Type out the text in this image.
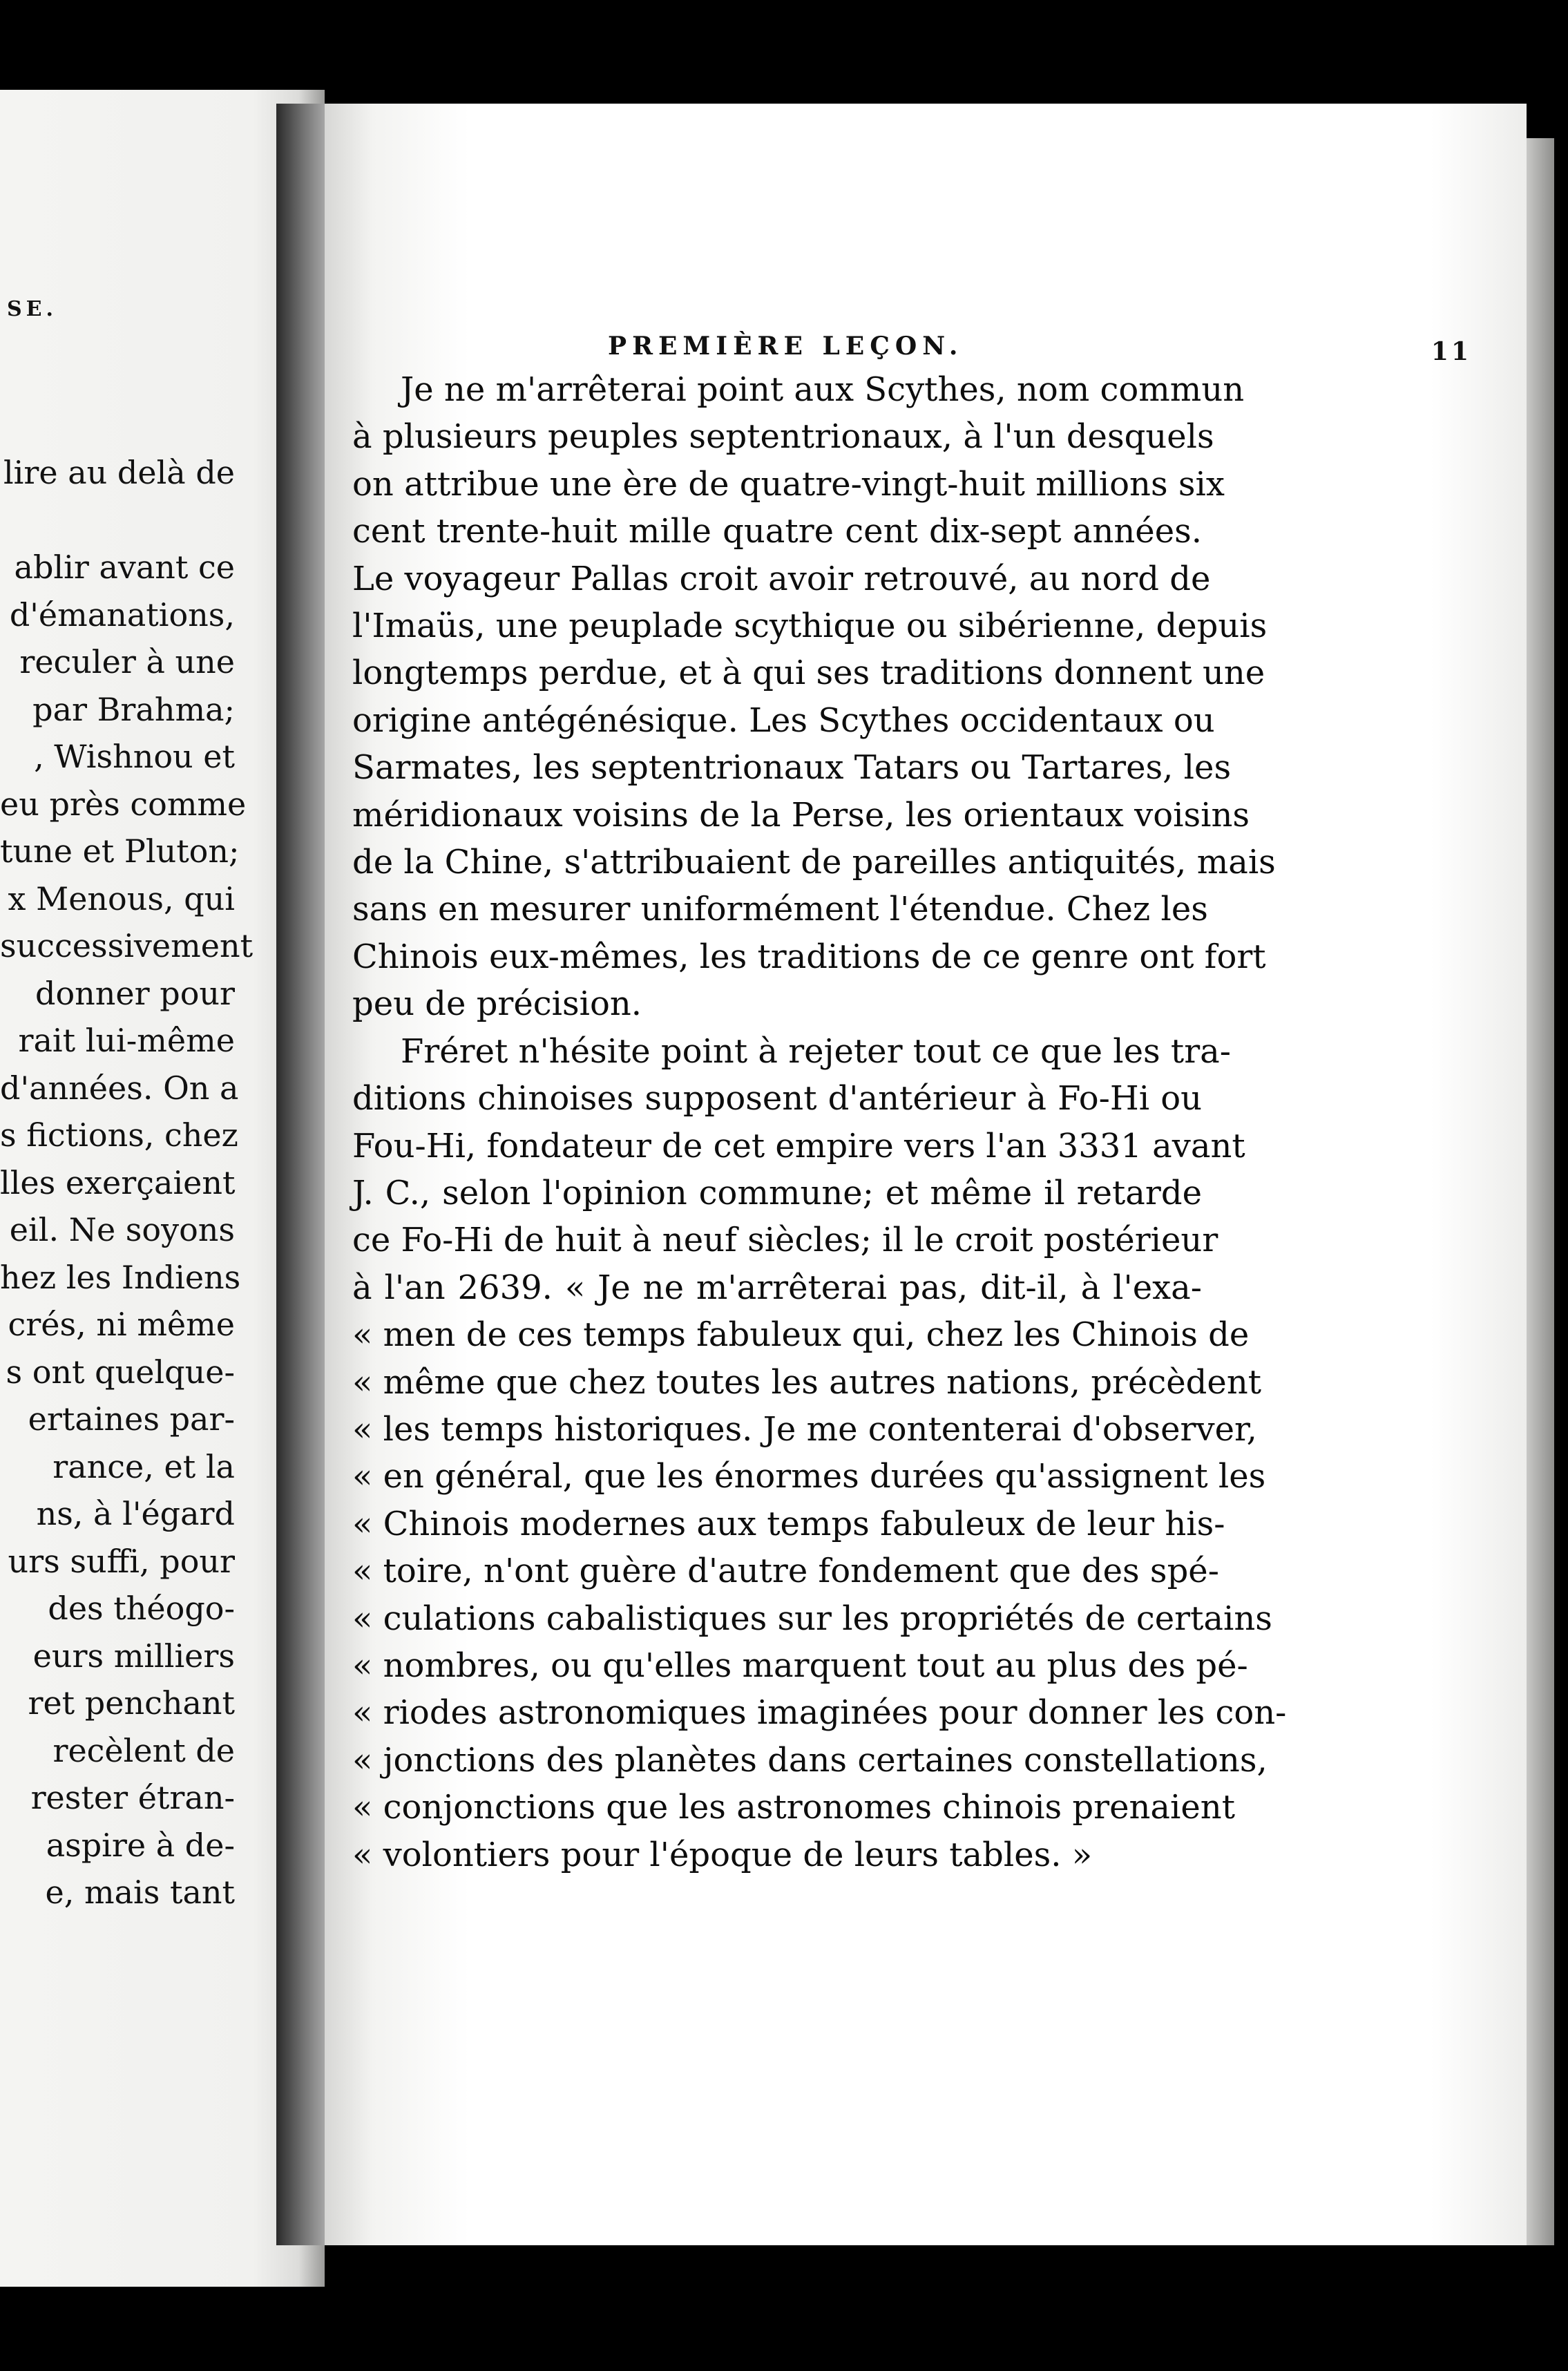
SE.
lire au delà de

ablir avant ce
d'émanations,
reculer à une
par Brahma;
, Wishnou et
eu près comme
tune et Pluton;
x Menous, qui
successivement
donner pour
rait lui-même
d'années. On a
s fictions, chez
lles exerçaient
eil. Ne soyons
hez les Indiens
crés, ni même
s ont quelque-
ertaines par-
rance, et la
ns, à l'égard
urs suffi, pour
des théogo-
eurs milliers
ret penchant
recèlent de
rester étran-
aspire à de-
e, mais tant
PREMIÈRE LEÇON.	11
Je ne m'arrêterai point aux Scythes, nom commun
à plusieurs peuples septentrionaux, à l'un desquels
on attribue une ère de quatre-vingt-huit millions six
cent trente-huit mille quatre cent dix-sept années.
Le voyageur Pallas croit avoir retrouvé, au nord de
l'Imaüs, une peuplade scythique ou sibérienne, depuis
longtemps perdue, et à qui ses traditions donnent une
origine antégénésique. Les Scythes occidentaux ou
Sarmates, les septentrionaux Tatars ou Tartares, les
méridionaux voisins de la Perse, les orientaux voisins
de la Chine, s'attribuaient de pareilles antiquités, mais
sans en mesurer uniformément l'étendue. Chez les
Chinois eux-mêmes, les traditions de ce genre ont fort
peu de précision.
Fréret n'hésite point à rejeter tout ce que les tra-
ditions chinoises supposent d'antérieur à Fo-Hi ou
Fou-Hi, fondateur de cet empire vers l'an 3331 avant
J. C., selon l'opinion commune; et même il retarde
ce Fo-Hi de huit à neuf siècles; il le croit postérieur
à l'an 2639. « Je ne m'arrêterai pas, dit-il, à l'exa-
« men de ces temps fabuleux qui, chez les Chinois de
« même que chez toutes les autres nations, précèdent
« les temps historiques. Je me contenterai d'observer,
« en général, que les énormes durées qu'assignent les
« Chinois modernes aux temps fabuleux de leur his-
« toire, n'ont guère d'autre fondement que des spé-
« culations cabalistiques sur les propriétés de certains
« nombres, ou qu'elles marquent tout au plus des pé-
« riodes astronomiques imaginées pour donner les con-
« jonctions des planètes dans certaines constellations,
« conjonctions que les astronomes chinois prenaient
« volontiers pour l'époque de leurs tables. »
